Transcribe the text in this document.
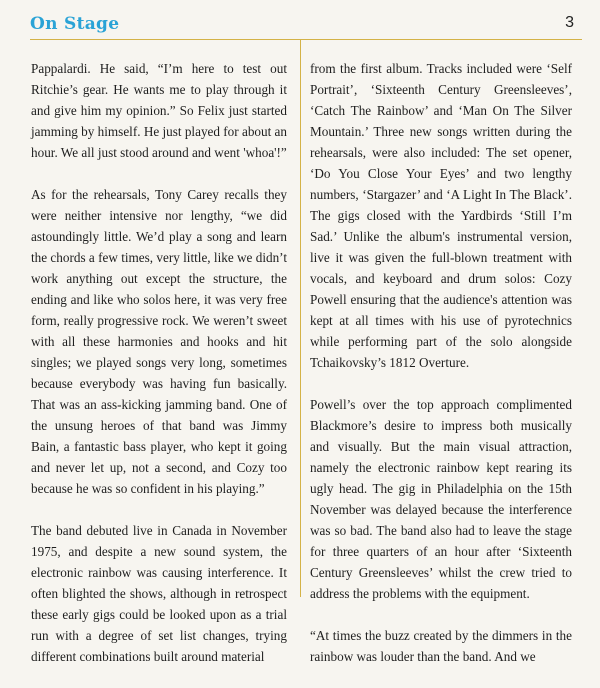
On Stage	3

Pappalardi. He said, “I’m here to test out Ritchie’s gear. He wants me to play through it and give him my opinion.” So Felix just started jamming by himself. He just played for about an hour. We all just stood around and went 'whoa'!”

As for the rehearsals, Tony Carey recalls they were neither intensive nor lengthy, “we did astoundingly little. We’d play a song and learn the chords a few times, very little, like we didn’t work anything out except the structure, the ending and like who solos here, it was very free form, really progressive rock. We weren’t sweet with all these harmonies and hooks and hit singles; we played songs very long, sometimes because everybody was having fun basically. That was an ass-kicking jamming band. One of the unsung heroes of that band was Jimmy Bain, a fantastic bass player, who kept it going and never let up, not a second, and Cozy too because he was so confident in his playing.”

The band debuted live in Canada in November 1975, and despite a new sound system, the electronic rainbow was causing interference. It often blighted the shows, although in retrospect these early gigs could be looked upon as a trial run with a degree of set list changes, trying different combinations built around material

from the first album. Tracks included were ‘Self Portrait’, ‘Sixteenth Century Greensleeves’, ‘Catch The Rainbow’ and ‘Man On The Silver Mountain.’ Three new songs written during the rehearsals, were also included: The set opener, ‘Do You Close Your Eyes’ and two lengthy numbers, ‘Stargazer’ and ‘A Light In The Black’. The gigs closed with the Yardbirds ‘Still I’m Sad.’ Unlike the album's instrumental version, live it was given the full-blown treatment with vocals, and keyboard and drum solos: Cozy Powell ensuring that the audience's attention was kept at all times with his use of pyrotechnics while performing part of the solo alongside Tchaikovsky’s 1812 Overture.

Powell’s over the top approach complimented Blackmore’s desire to impress both musically and visually. But the main visual attraction, namely the electronic rainbow kept rearing its ugly head. The gig in Philadelphia on the 15th November was delayed because the interference was so bad. The band also had to leave the stage for three quarters of an hour after ‘Sixteenth Century Greensleeves’ whilst the crew tried to address the problems with the equipment.

“At times the buzz created by the dimmers in the rainbow was louder than the band. And we
